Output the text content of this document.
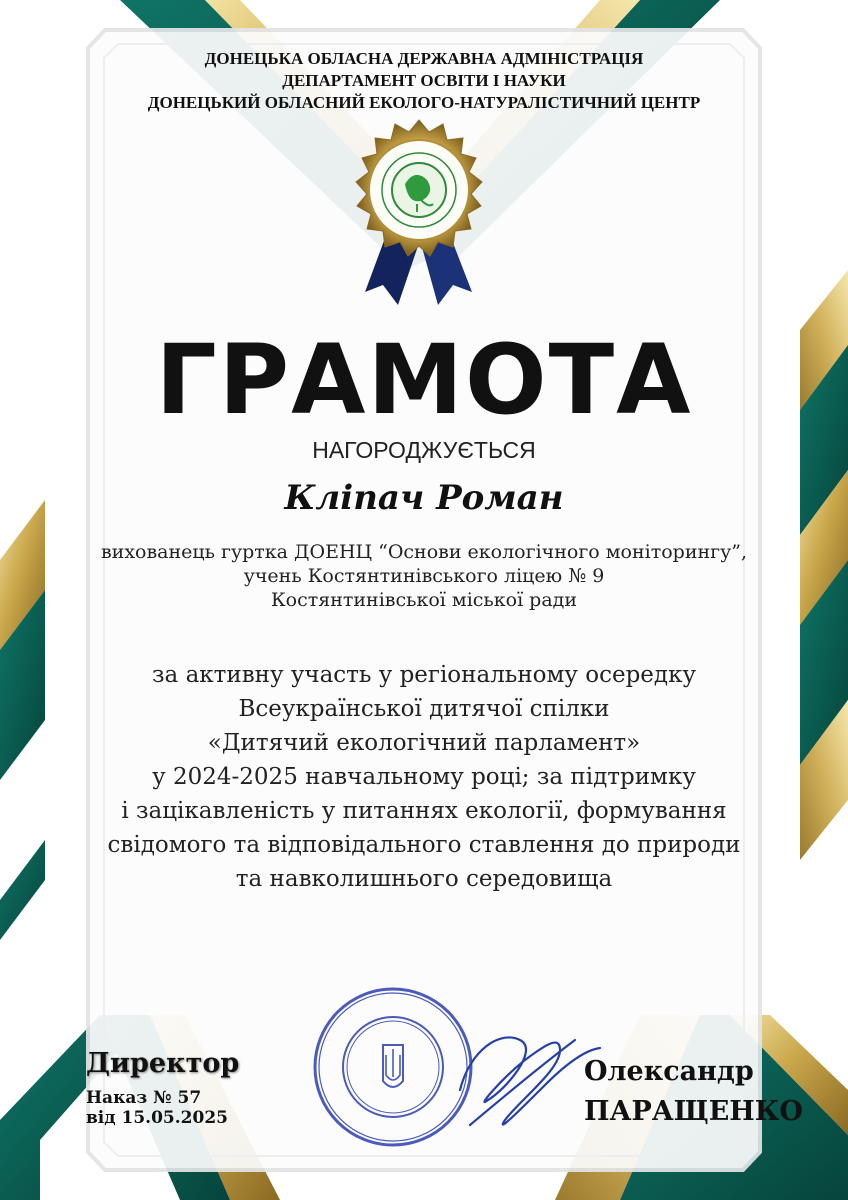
ДОНЕЦЬКА ОБЛАСНА ДЕРЖАВНА АДМІНІСТРАЦІЯ
ДЕПАРТАМЕНТ ОСВІТИ І НАУКИ
ДОНЕЦЬКИЙ ОБЛАСНИЙ ЕКОЛОГО-НАТУРАЛІСТИЧНИЙ ЦЕНТР
ГРАМОТА
НАГОРОДЖУЄТЬСЯ
Кліпач Роман
вихованець гуртка ДОЕНЦ “Основи екологічного моніторингу”,
учень Костянтинівського ліцею № 9
Костянтинівської міської ради
за активну участь у регіональному осередку
Всеукраїнської дитячої спілки
«Дитячий екологічний парламент»
у 2024-2025 навчальному році; за підтримку
і зацікавленість у питаннях екології, формування
свідомого та відповідального ставлення до природи
та навколишнього середовища
Директор
Наказ № 57
від 15.05.2025
Олександр
ПАРАЩЕНКО
